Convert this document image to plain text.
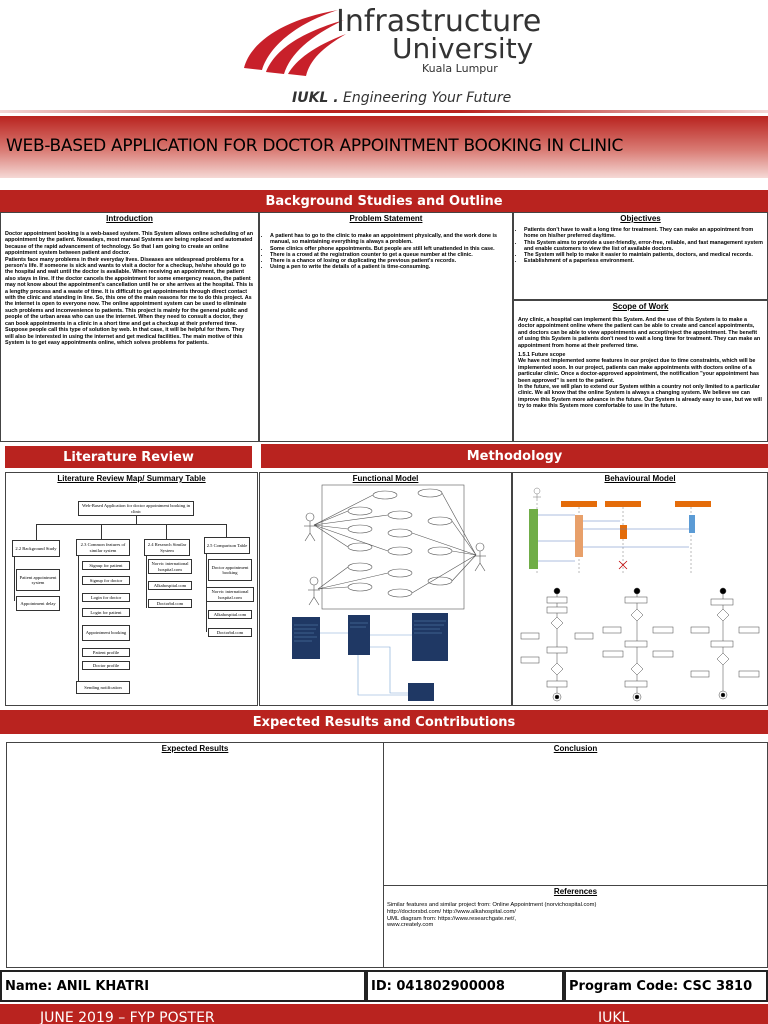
Infrastructure
University
Kuala Lumpur
IUKL . Engineering Your Future
WEB-BASED APPLICATION FOR DOCTOR APPOINTMENT BOOKING IN CLINIC
Background Studies and Outline
Introduction
Doctor appointment booking is a web-based system. This System allows online scheduling of an appointment by the patient. Nowadays, most manual Systems are being replaced and automated because of the rapid advancement of technology. So that I am going to create an online appointment system between patient and doctor.
Patients face many problems in their everyday lives. Diseases are widespread problems for a person's life. If someone is sick and wants to visit a doctor for a checkup, he/she should go to the hospital and wait until the doctor is available. When receiving an appointment, the patient also stays in line. If the doctor cancels the appointment for some emergency reason, the patient may not know about the appointment's cancellation until he or she arrives at the hospital. This is a lengthy process and a waste of time. It is difficult to get appointments through direct contact with the clinic and standing in line. So, this one of the main reasons for me to do this project. As the internet is open to everyone now. The online appointment system can be used to eliminate such problems and inconvenience to patients. This project is mainly for the general public and people of the urban areas who can use the internet. When they need to consult a doctor, they can book appointments in a clinic in a short time and get a checkup at their preferred time. Suppose people call this type of solution by web. In that case, it will be helpful for them. They will also be interested in using the internet and get medical facilities. The main motive of this System is to get easy appointments online, which solves problems for patients.
Problem Statement
• A patient has to go to the clinic to make an appointment physically, and the work done is manual, so maintaining everything is always a problem.
• Some clinics offer phone appointments. But people are still left unattended in this case.
• There is a crowd at the registration counter to get a queue number at the clinic.
• There is a chance of losing or duplicating the previous patient's records.
• Using a pen to write the details of a patient is time-consuming.
Objectives
• Patients don't have to wait a long time for treatment. They can make an appointment from home on his/her preferred day/time.
• This System aims to provide a user-friendly, error-free, reliable, and fast management system and enable customers to view the list of available doctors.
• The System will help to make it easier to maintain patients, doctors, and medical records.
• Establishment of a paperless environment.
Scope of Work
Any clinic, a hospital can implement this System. And the use of this System is to make a doctor appointment online where the patient can be able to create and cancel appointments, and doctors can be able to view appointments and accept/reject the appointment. The benefit of using this System is patients don't need to wait a long time for treatment. They can make an appointment from home at their preferred time.
1.5.1 Future scope
We have not implemented some features in our project due to time constraints, which will be implemented soon. In our project, patients can make appointments with doctors online of a particular clinic. Once a doctor-approved appointment, the notification "your appointment has been approved" is sent to the patient.
In the future, we will plan to extend our System within a country not only limited to a particular clinic. We all know that the online System is always a changing system. We believe we can improve this System more advance in the future. Our System is already easy to use, but we will try to make this System more comfortable to use in the future.
Literature Review	Methodology
Literature Review Map/ Summary Table
Web-Based Application for doctor appointment booking in clinic
2.2 Background Study
Patient appointment system
Appointment delay
2.3 Common features of similar system
Signup for patient
Signup for doctor
Login for doctor
Login for patient
Appointment booking
Patient profile
Doctor profile
Sending notification
2.4 Research Similar System
Norvic international hospital.com
Alkahospital.com
Doctorbd.com
2.5 Comparison Table
Doctor appointment booking
Norvic international hospital.com
Alkahospital.com
Doctorbd.com
Functional Model	Behavioural Model
Expected Results and Contributions
Expected Results	Conclusion
References
Similar features and similar project from: Online Appointment (norvichospital.com)
http://doctorsbd.com/ http://www.alkahospital.com/
UML diagram from: https://www.researchgate.net/,
www.creately.com
Name: ANIL KHATRI	ID: 041802900008	Program Code: CSC 3810
JUNE 2019 – FYP POSTER	IUKL
